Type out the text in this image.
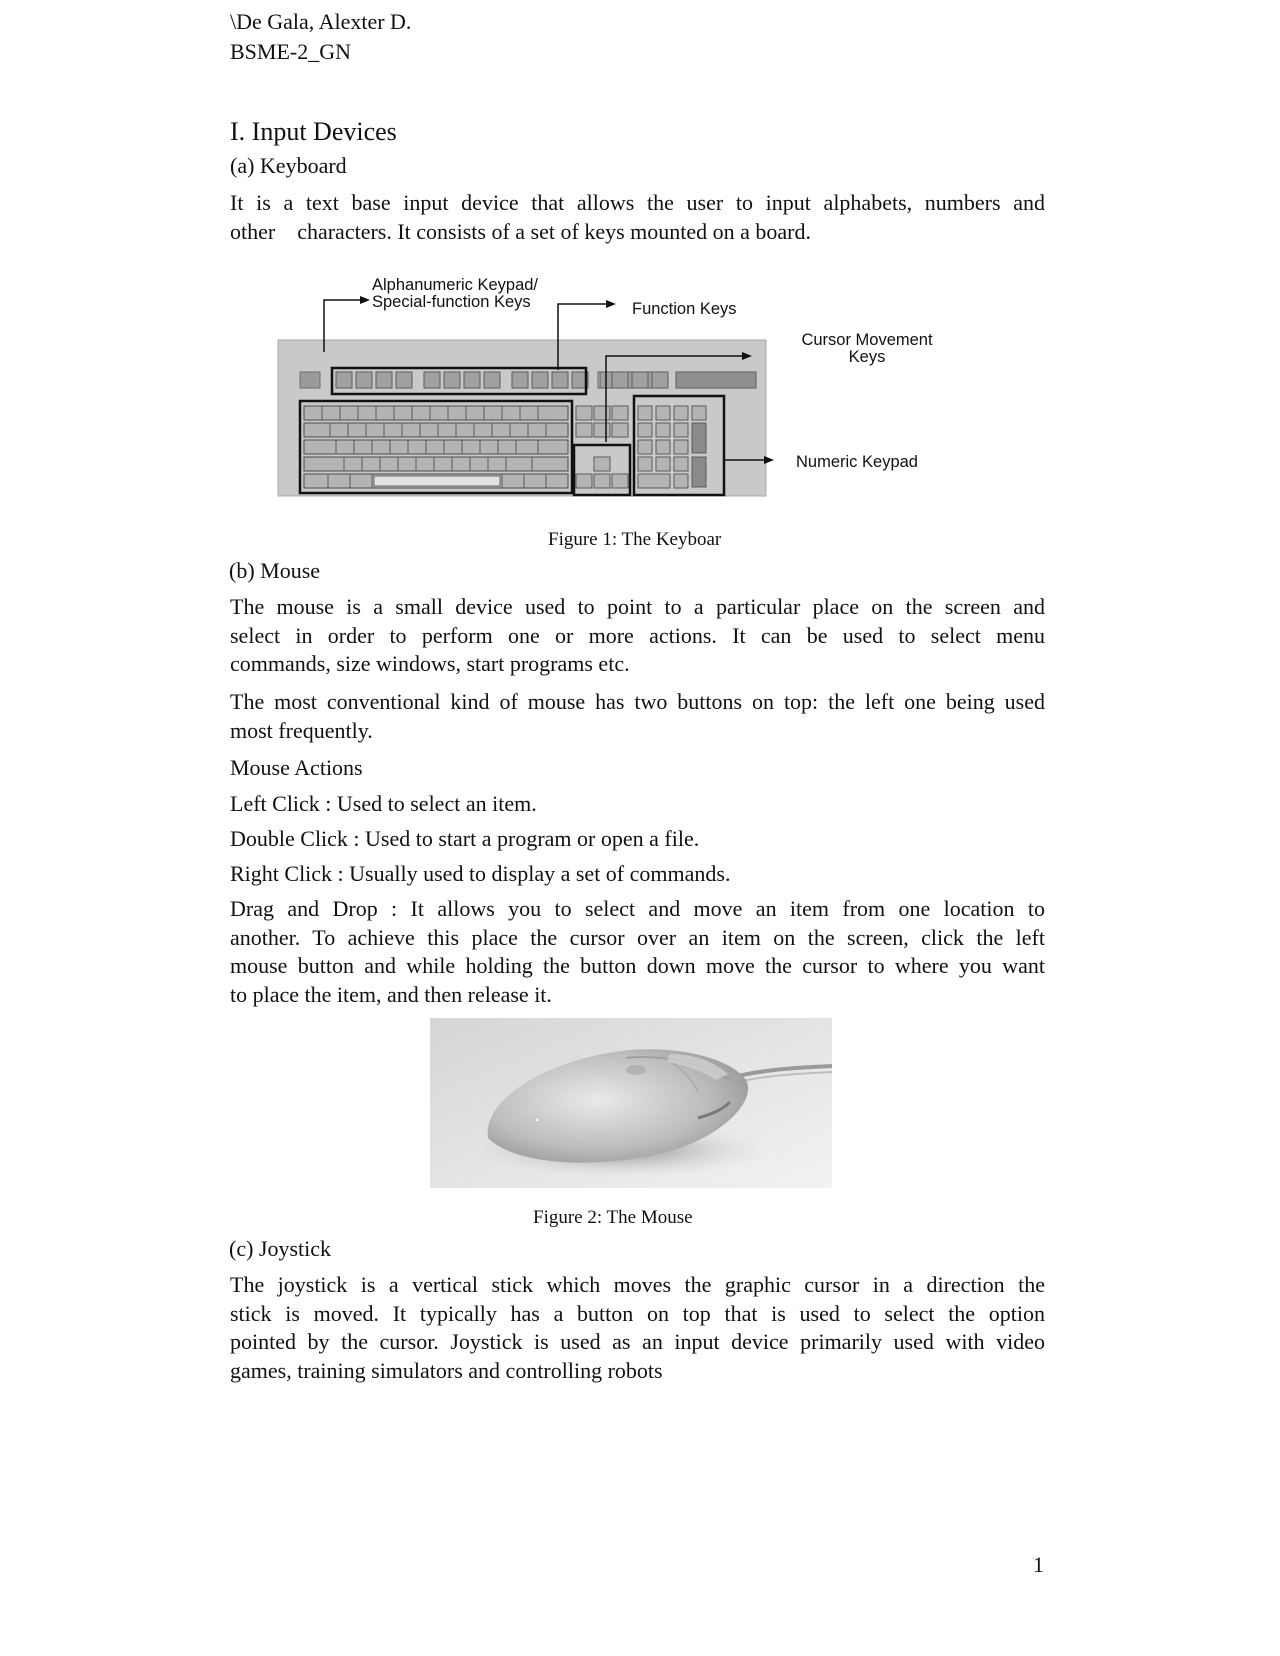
\De Gala, Alexter D.
BSME-2_GN
I. Input Devices
(a) Keyboard
It is a text base input device that allows the user to input alphabets, numbers and
other    characters. It consists of a set of keys mounted on a board.
Alphanumeric Keypad/
Special-function Keys	Function Keys
Cursor Movement
Keys
Numeric Keypad
Figure 1: The Keyboar
(b) Mouse
The mouse is a small device used to point to a particular place on the screen and
select in order to perform one or more actions. It can be used to select menu
commands, size windows, start programs etc.
The most conventional kind of mouse has two buttons on top: the left one being used
most frequently.
Mouse Actions
Left Click : Used to select an item.
Double Click : Used to start a program or open a file.
Right Click : Usually used to display a set of commands.
Drag and Drop : It allows you to select and move an item from one location to
another. To achieve this place the cursor over an item on the screen, click the left
mouse button and while holding the button down move the cursor to where you want
to place the item, and then release it.
Figure 2: The Mouse
(c) Joystick
The joystick is a vertical stick which moves the graphic cursor in a direction the
stick is moved. It typically has a button on top that is used to select the option
pointed by the cursor. Joystick is used as an input device primarily used with video
games, training simulators and controlling robots
1
